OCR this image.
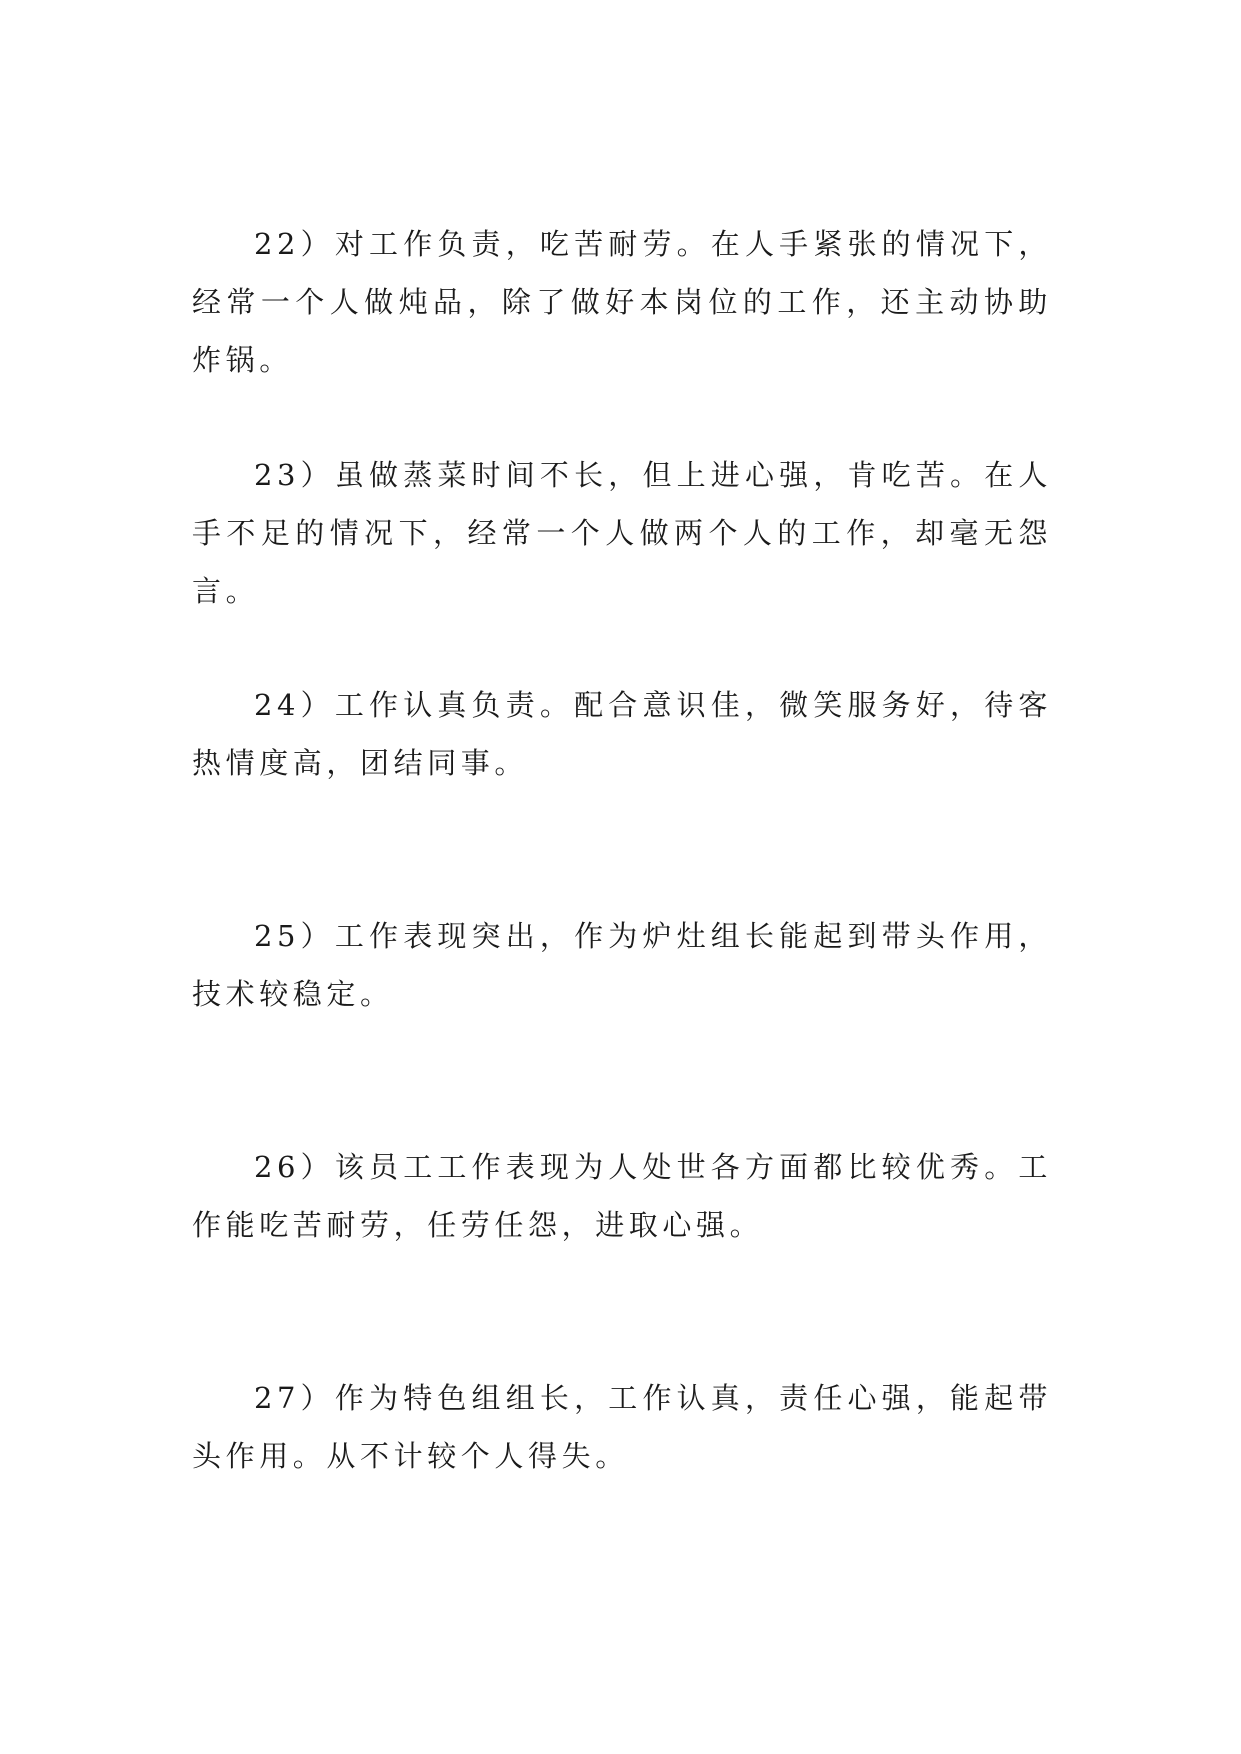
22）对工作负责，吃苦耐劳。在人手紧张的情况下，经常一个人做炖品，除了做好本岗位的工作，还主动协助炸锅。

23）虽做蒸菜时间不长，但上进心强，肯吃苦。在人手不足的情况下，经常一个人做两个人的工作，却毫无怨言。

24）工作认真负责。配合意识佳，微笑服务好，待客热情度高，团结同事。

25）工作表现突出，作为炉灶组长能起到带头作用，技术较稳定。

26）该员工工作表现为人处世各方面都比较优秀。工作能吃苦耐劳，任劳任怨，进取心强。

27）作为特色组组长，工作认真，责任心强，能起带头作用。从不计较个人得失。
